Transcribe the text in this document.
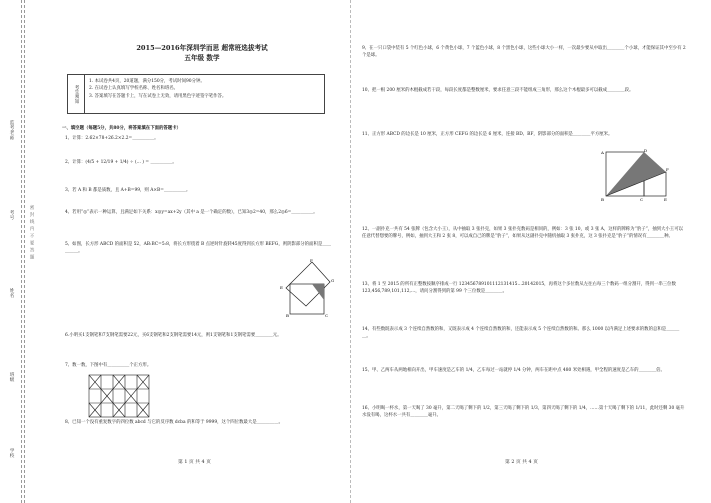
监考老师
考号
姓名
班级
学校
密 封 线 内 不 要 答 题
2015—2016年深圳学而思 超常班选拔考试
五年级 数学
考生须知
1. 本试卷共4页，20道题，满分150分，考试时间90分钟。
2. 在试卷上认真填写学校名称、姓名和班名。
3. 答案填写在答题卡上，写在试卷上无效，请用黑色字迹签字笔作答。
一、填空题（每题5分，共80分，将答案填在下面的答题卡）
1、计算：2.62×78+26.2×2.2=＿＿＿＿＿。
2、计算：(4/5 + 12/19 + 1/4) ÷ (... ) = ＿＿＿＿＿。
3、若 A 和 B 都是质数，且 A+B=99，则 A×B=＿＿＿＿＿。
4、若用“◎”表示一种运算，且满足如下关系：x◎y=ax+2y（其中 a 是一个确定的数），已知3◎2=40，那么2◎6=＿＿＿＿＿。
5、如图，长方形 ABCD 的面积是 52，AB:BC=5:8，将长方形绕着 B 点逆时针旋转45度得到长方形 BEFG，则阴影部分的面积是＿＿＿＿＿。
E
F
G
B	C
6.小明买1支钢笔和7支钢笔需要22元，买6支钢笔和2支钢笔需要14元，则1支钢笔和1支钢笔需要＿＿＿＿元。
7、数一数，下图中有＿＿＿＿＿个正方形。
8、已知一个没有重复数字的四位数 abcd 与它的反序数 dcba 的和等于 9999，这个四位数最大是＿＿＿＿＿。
9、在一只口袋中装有 5 个红色小球，6 个黄色小球，7 个蓝色小球，8 个黑色小球，这些小球大小一样，一次最少要从中取出＿＿＿＿个小球，才能保证其中至少有 2 个是球。
10、把一根 200 厘米的木棍截成若干段，每段长度都是整数厘米，要求任意三段不能组成三角形，那么这个木棍最多可以截成＿＿＿＿段。
11、正方形 ABCD 的边长是 10 厘米，正方形 CEFG 的边长是 6 厘米，连接 BD、BF，阴影部分的面积是＿＿＿＿平方厘米。
A	D
F
B	C	E
12、一副扑克一共有 54 张牌（包含大小王），从中抽取 3 张扑克，如果 3 张扑克数码是相同的，例如：3 张 10，或 3 张 A，这样的牌称为“豹子”，抽到大小王可以任意代替想要的牌号，例如，抽到大王和 2 张 8，可以成自己的牌是“豹子”，如果从这副扑克中随机抽取 3 张扑克，这 3 张扑克是“豹子”的情况有＿＿＿＿种。
13、将 1 至 2015 的所有正整数按顺序排成一行 123456789101112131415…20142015，再将这个多位数从左往右每三个数码一组分割开，得到一串三位数 123,456,789,101,112,…，请问分割得到的第 99 个三位数是＿＿＿＿。
14、有些数既表示成 3 个连续自然数的和，又既表示成 4 个连续自然数的和，还能表示成 5 个连续自然数的和。那么 1000 以内满足上述要求的数的总和是＿＿＿＿。
15、甲、乙两车从两地相向开出，甲车速度是乙车的 1/4，乙车每过一站就停 1/4 分钟，两车在距中点 480 米处相遇，甲全程的速度是乙车的＿＿＿＿倍。
16、小明喝一杯水，第一天喝了 30 毫升，第二天喝了剩下的 1/2，第三天喝了剩下的 1/3，第四天喝了剩下的 1/4，……第十天喝了剩下的 1/11，此时还剩 30 毫升水没有喝，这杯水一共有＿＿＿＿毫升。
第 1 页 共 4 页	第 2 页 共 4 页
